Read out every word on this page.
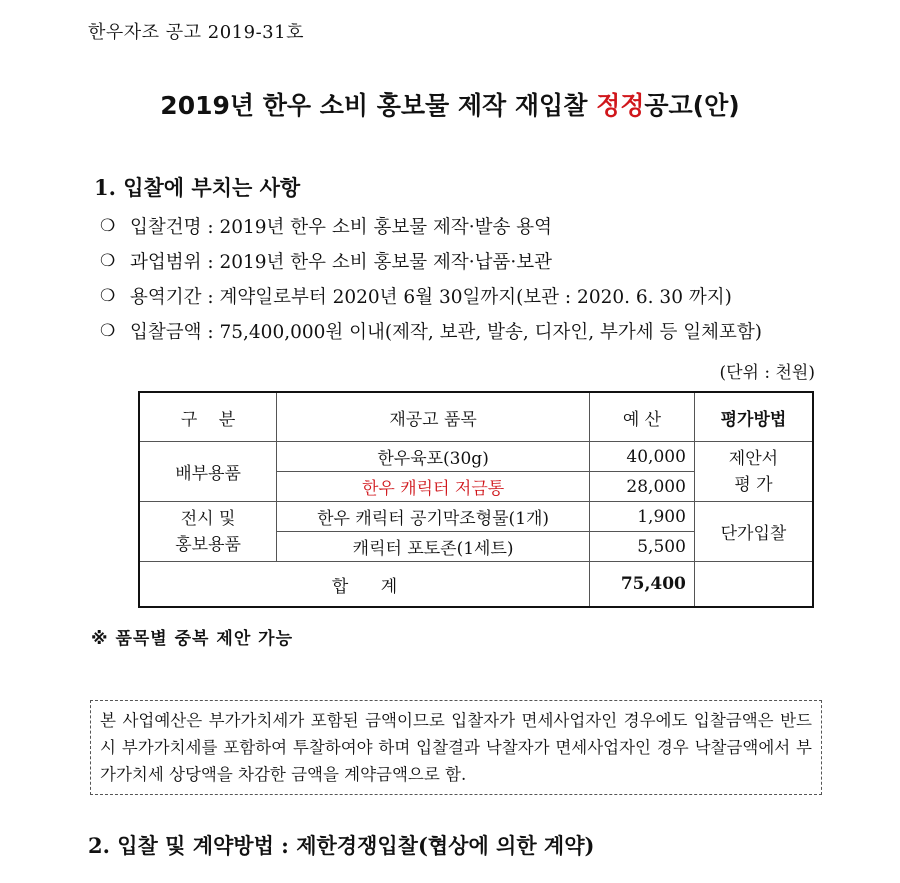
한우자조 공고 2019-31호
2019년 한우 소비 홍보물 제작 재입찰 정정공고(안)
1. 입찰에 부치는 사항
❍ 입찰건명 : 2019년 한우 소비 홍보물 제작·발송 용역
❍ 과업범위 : 2019년 한우 소비 홍보물 제작·납품·보관
❍ 용역기간 : 계약일로부터 2020년 6월 30일까지(보관 : 2020. 6. 30 까지)
❍ 입찰금액 : 75,400,000원 이내(제작, 보관, 발송, 디자인, 부가세 등 일체포함)
(단위 : 천원)
구    분	재공고 품목	예 산	평가방법
배부용품	한우육포(30g)	40,000	제안서
평 가
	한우 캐릭터 저금통	28,000	
전시 및
홍보용품	한우 캐릭터 공기막조형물(1개)	1,900	단가입찰
	캐릭터 포토존(1세트)	5,500	
합      계		75,400	
※ 품목별 중복 제안 가능
본 사업예산은 부가가치세가 포함된 금액이므로 입찰자가 면세사업자인 경우에도 입찰금액은 반드시 부가가치세를 포함하여 투찰하여야 하며 입찰결과 낙찰자가 면세사업자인 경우 낙찰금액에서 부가가치세 상당액을 차감한 금액을 계약금액으로 함.
2. 입찰 및 계약방법 : 제한경쟁입찰(협상에 의한 계약)
